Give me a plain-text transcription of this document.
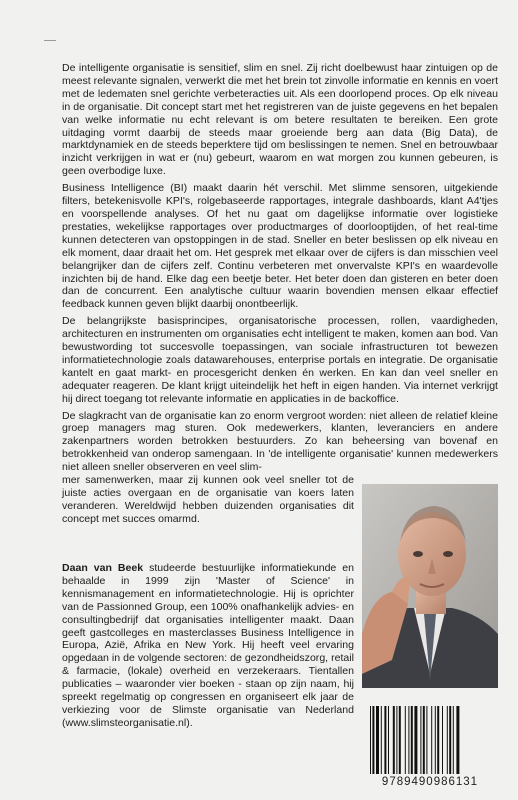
De intelligente organisatie is sensitief, slim en snel. Zij richt doelbewust haar zintuigen op de meest relevante signalen, verwerkt die met het brein tot zinvolle informatie en kennis en voert met de ledematen snel gerichte verbeteracties uit. Als een doorlopend proces. Op elk niveau in de organisatie. Dit concept start met het registreren van de juiste gegevens en het bepalen van welke informatie nu echt relevant is om betere resultaten te bereiken. Een grote uitdaging vormt daarbij de steeds maar groeiende berg aan data (Big Data), de marktdynamiek en de steeds beperktere tijd om beslissingen te nemen. Snel en betrouwbaar inzicht verkrijgen in wat er (nu) gebeurt, waarom en wat morgen zou kunnen gebeuren, is geen overbodige luxe.

Business Intelligence (BI) maakt daarin hét verschil. Met slimme sensoren, uitgekiende filters, betekenisvolle KPI's, rolgebaseerde rapportages, integrale dashboards, klant A4'tjes en voorspellende analyses. Of het nu gaat om dagelijkse informatie over logistieke prestaties, wekelijkse rapportages over productmarges of doorlooptijden, of het real-time kunnen detecteren van opstoppingen in de stad. Sneller en beter beslissen op elk niveau en elk moment, daar draait het om. Het gesprek met elkaar over de cijfers is dan misschien veel belangrijker dan de cijfers zelf. Continu verbeteren met onvervalste KPI's en waardevolle inzichten bij de hand. Elke dag een beetje beter. Het beter doen dan gisteren en beter doen dan de concurrent. Een analytische cultuur waarin bovendien mensen elkaar effectief feedback kunnen geven blijkt daarbij onontbeerlijk.

De belangrijkste basisprincipes, organisatorische processen, rollen, vaardigheden, architecturen en instrumenten om organisaties echt intelligent te maken, komen aan bod. Van bewustwording tot succesvolle toepassingen, van sociale infrastructuren tot bewezen informatietechnologie zoals datawarehouses, enterprise portals en integratie. De organisatie kantelt en gaat markt- en procesgericht denken én werken. En kan dan veel sneller en adequater reageren. De klant krijgt uiteindelijk het heft in eigen handen. Via internet verkrijgt hij direct toegang tot relevante informatie en applicaties in de backoffice.

De slagkracht van de organisatie kan zo enorm vergroot worden: niet alleen de relatief kleine groep managers mag sturen. Ook medewerkers, klanten, leveranciers en andere zakenpartners worden betrokken bestuurders. Zo kan beheersing van bovenaf en betrokkenheid van onderop samengaan. In 'de intelligente organisatie' kunnen medewerkers niet alleen sneller observeren en veel slim-
mer samenwerken, maar zij kunnen ook veel sneller tot de juiste acties overgaan en de organisatie van koers laten veranderen. Wereldwijd hebben duizenden organisaties dit concept met succes omarmd.

Daan van Beek studeerde bestuurlijke informatiekunde en behaalde in 1999 zijn 'Master of Science' in kennismanagement en informatietechnologie. Hij is oprichter van de Passionned Group, een 100% onafhankelijk advies- en consultingbedrijf dat organisaties intelligenter maakt. Daan geeft gastcolleges en masterclasses Business Intelligence in Europa, Azië, Afrika en New York. Hij heeft veel ervaring opgedaan in de volgende sectoren: de gezondheidszorg, retail & farmacie, (lokale) overheid en verzekeraars. Tientallen publicaties – waaronder vier boeken - staan op zijn naam, hij spreekt regelmatig op congressen en organiseert elk jaar de verkiezing voor de Slimste organisatie van Nederland (www.slimsteorganisatie.nl).

9789490986131
